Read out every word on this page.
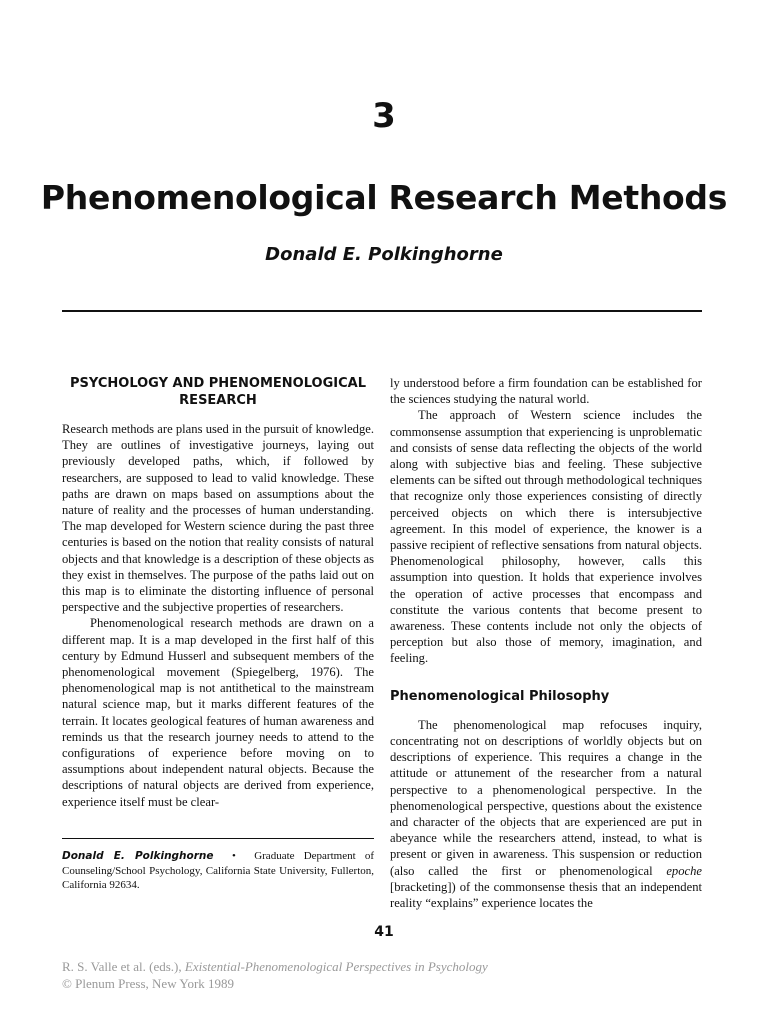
3
Phenomenological Research Methods
Donald E. Polkinghorne
PSYCHOLOGY AND PHENOMENOLOGICAL RESEARCH

Research methods are plans used in the pursuit of knowledge. They are outlines of investigative journeys, laying out previously developed paths, which, if followed by researchers, are supposed to lead to valid knowledge. These paths are drawn on maps based on assumptions about the nature of reality and the processes of human understanding. The map developed for Western science during the past three centuries is based on the notion that reality consists of natural objects and that knowledge is a description of these objects as they exist in themselves. The purpose of the paths laid out on this map is to eliminate the distorting influence of personal perspective and the subjective properties of researchers.

Phenomenological research methods are drawn on a different map. It is a map developed in the first half of this century by Edmund Husserl and subsequent members of the phenomenological movement (Spiegelberg, 1976). The phenomenological map is not antithetical to the mainstream natural science map, but it marks different features of the terrain. It locates geological features of human awareness and reminds us that the research journey needs to attend to the configurations of experience before moving on to assumptions about independent natural objects. Because the descriptions of natural objects are derived from experience, experience itself must be clear-

ly understood before a firm foundation can be established for the sciences studying the natural world.

The approach of Western science includes the commonsense assumption that experiencing is unproblematic and consists of sense data reflecting the objects of the world along with subjective bias and feeling. These subjective elements can be sifted out through methodological techniques that recognize only those experiences consisting of directly perceived objects on which there is intersubjective agreement. In this model of experience, the knower is a passive recipient of reflective sensations from natural objects. Phenomenological philosophy, however, calls this assumption into question. It holds that experience involves the operation of active processes that encompass and constitute the various contents that become present to awareness. These contents include not only the objects of perception but also those of memory, imagination, and feeling.

Phenomenological Philosophy

The phenomenological map refocuses inquiry, concentrating not on descriptions of worldly objects but on descriptions of experience. This requires a change in the attitude or attunement of the researcher from a natural perspective to a phenomenological perspective. In the phenomenological perspective, questions about the existence and character of the objects that are experienced are put in abeyance while the researchers attend, instead, to what is present or given in awareness. This suspension or reduction (also called the first or phenomenological epoche [bracketing]) of the commonsense thesis that an independent reality “explains” experience locates the

Donald E. Polkinghorne • Graduate Department of Counseling/School Psychology, California State University, Fullerton, California 92634.
41
R. S. Valle et al. (eds.), Existential-Phenomenological Perspectives in Psychology
© Plenum Press, New York 1989
